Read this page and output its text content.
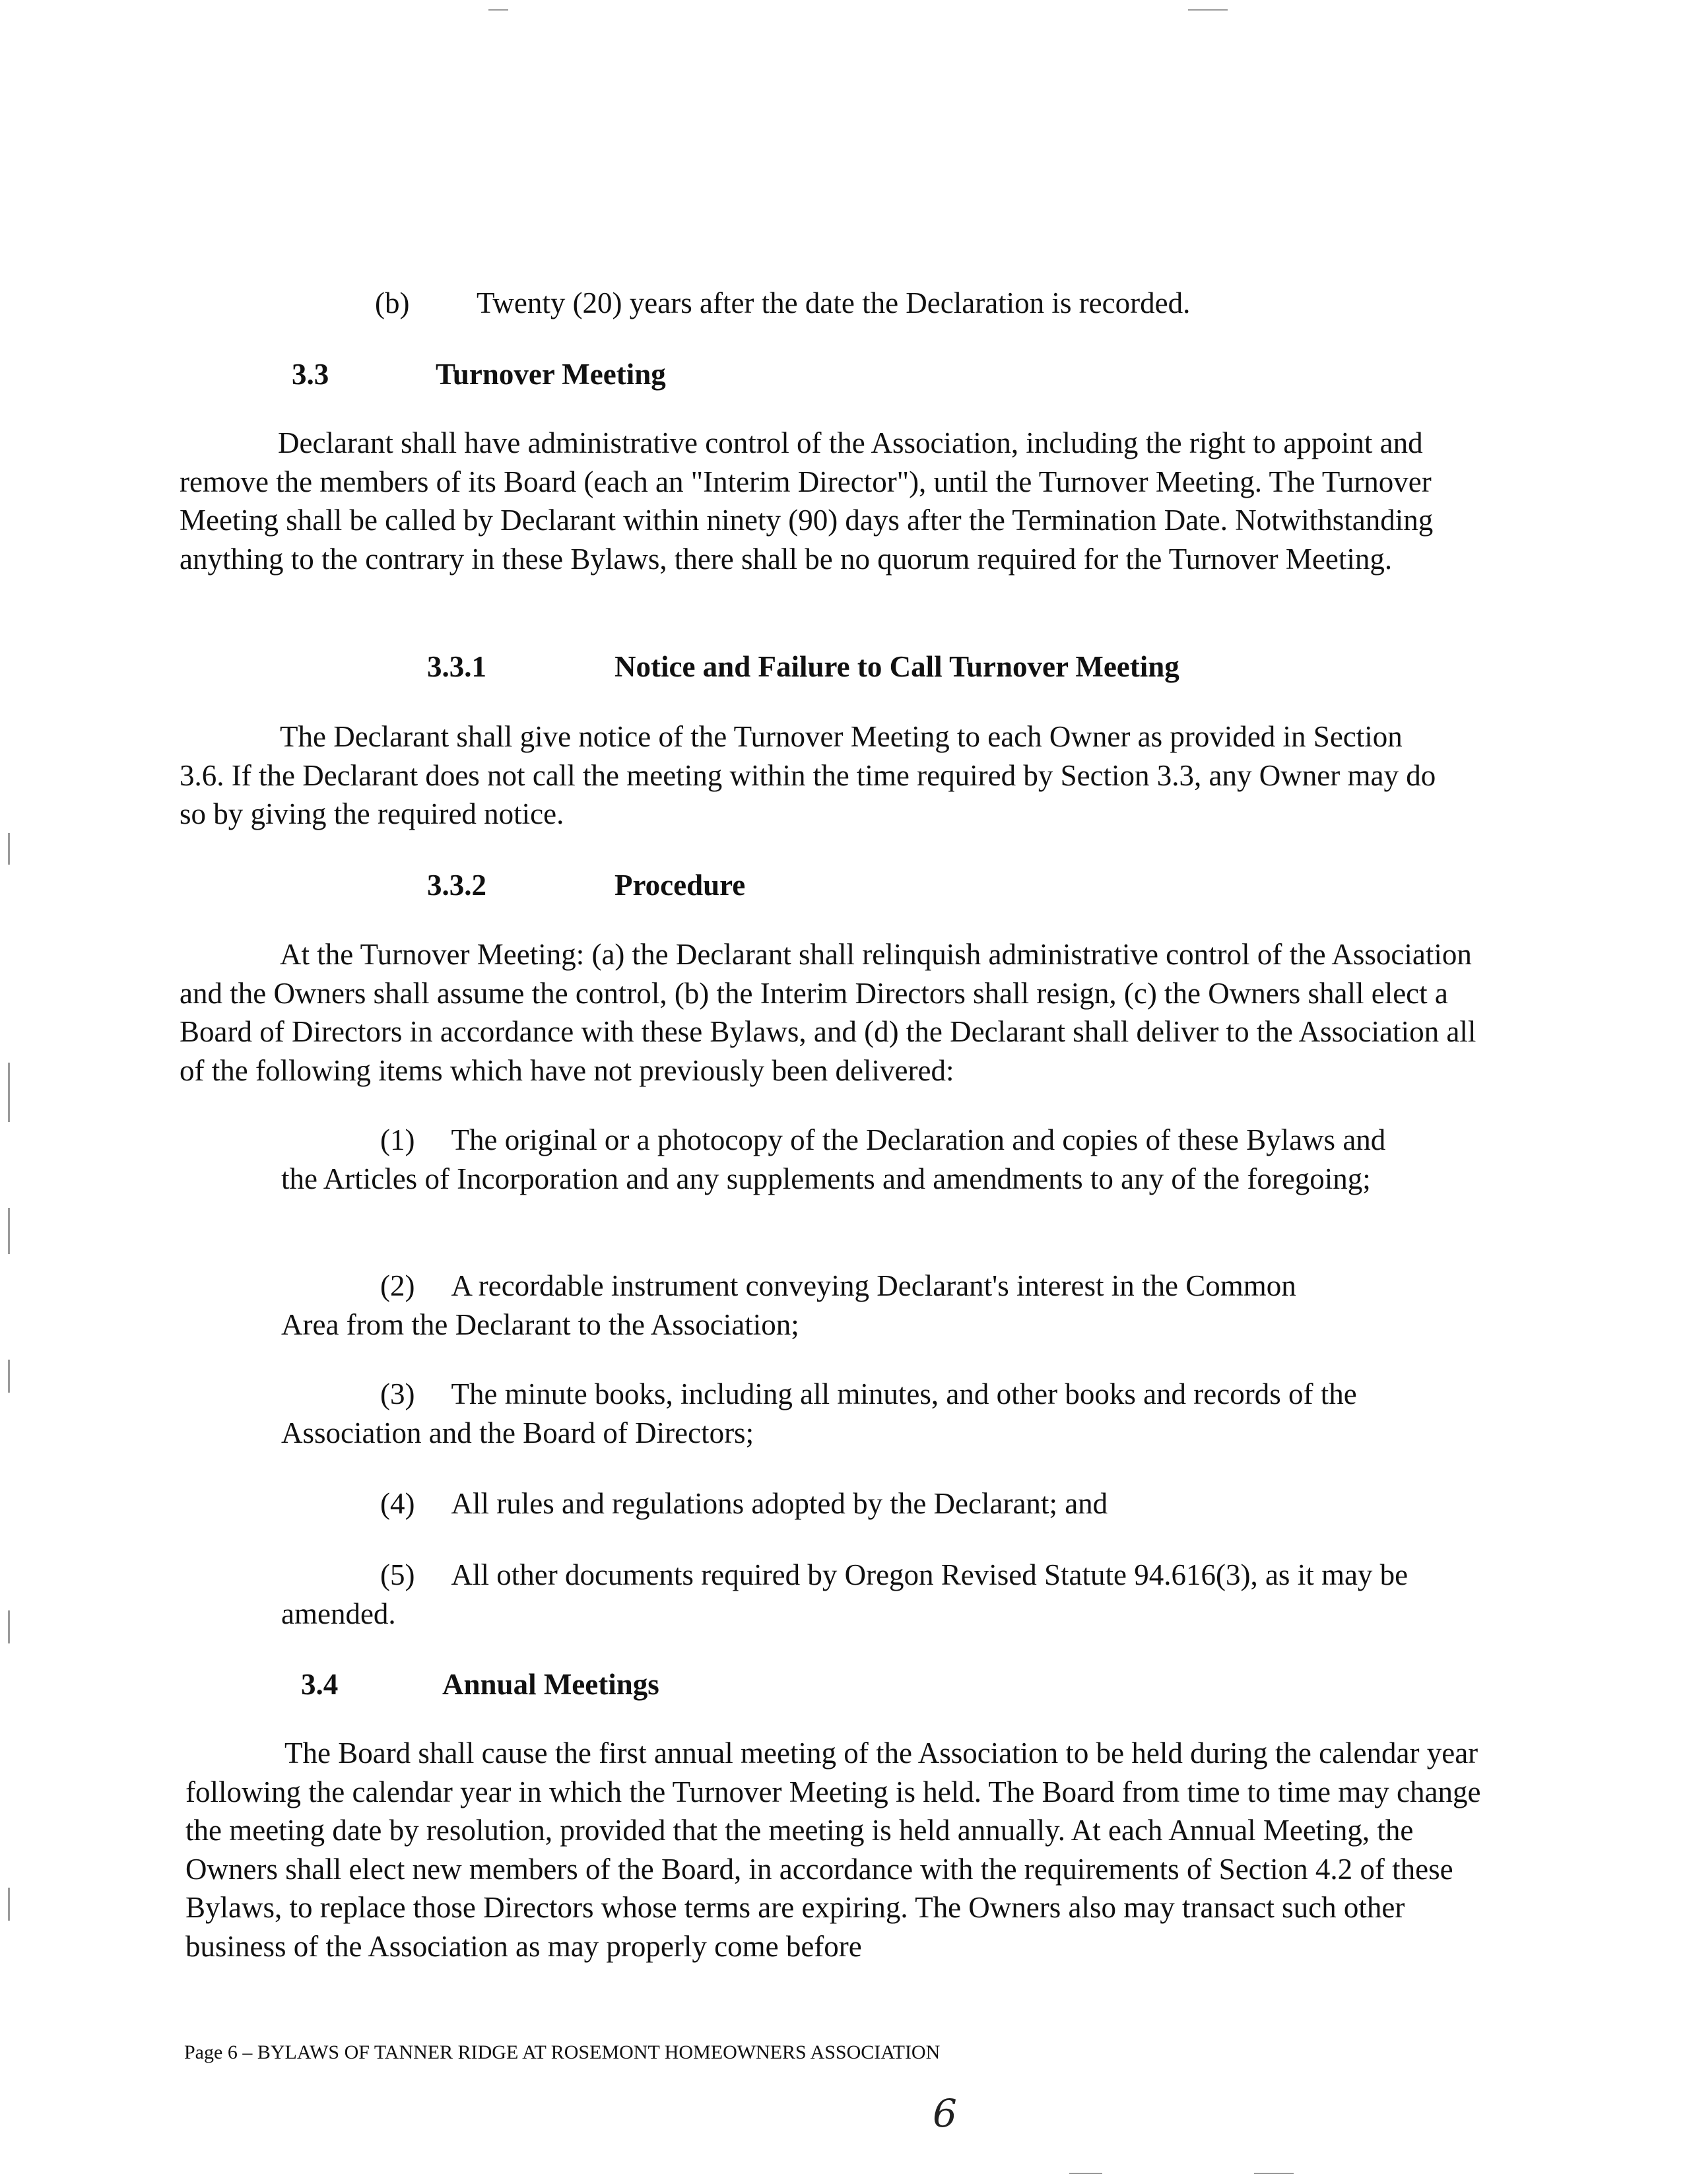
(b) Twenty (20) years after the date the Declaration is recorded.
3.3	Turnover Meeting
Declarant shall have administrative control of the Association, including the right to appoint and remove the members of its Board (each an "Interim Director"), until the Turnover Meeting. The Turnover Meeting shall be called by Declarant within ninety (90) days after the Termination Date. Notwithstanding anything to the contrary in these Bylaws, there shall be no quorum required for the Turnover Meeting.
3.3.1	Notice and Failure to Call Turnover Meeting
The Declarant shall give notice of the Turnover Meeting to each Owner as provided in Section 3.6. If the Declarant does not call the meeting within the time required by Section 3.3, any Owner may do so by giving the required notice.
3.3.2	Procedure
At the Turnover Meeting: (a) the Declarant shall relinquish administrative control of the Association and the Owners shall assume the control, (b) the Interim Directors shall resign, (c) the Owners shall elect a Board of Directors in accordance with these Bylaws, and (d) the Declarant shall deliver to the Association all of the following items which have not previously been delivered:
(1) The original or a photocopy of the Declaration and copies of these Bylaws and the Articles of Incorporation and any supplements and amendments to any of the foregoing;
(2) A recordable instrument conveying Declarant's interest in the Common Area from the Declarant to the Association;
(3) The minute books, including all minutes, and other books and records of the Association and the Board of Directors;
(4) All rules and regulations adopted by the Declarant; and
(5) All other documents required by Oregon Revised Statute 94.616(3), as it may be amended.
3.4	Annual Meetings
The Board shall cause the first annual meeting of the Association to be held during the calendar year following the calendar year in which the Turnover Meeting is held. The Board from time to time may change the meeting date by resolution, provided that the meeting is held annually. At each Annual Meeting, the Owners shall elect new members of the Board, in accordance with the requirements of Section 4.2 of these Bylaws, to replace those Directors whose terms are expiring. The Owners also may transact such other business of the Association as may properly come before
Page 6 – BYLAWS OF TANNER RIDGE AT ROSEMONT HOMEOWNERS ASSOCIATION
6
